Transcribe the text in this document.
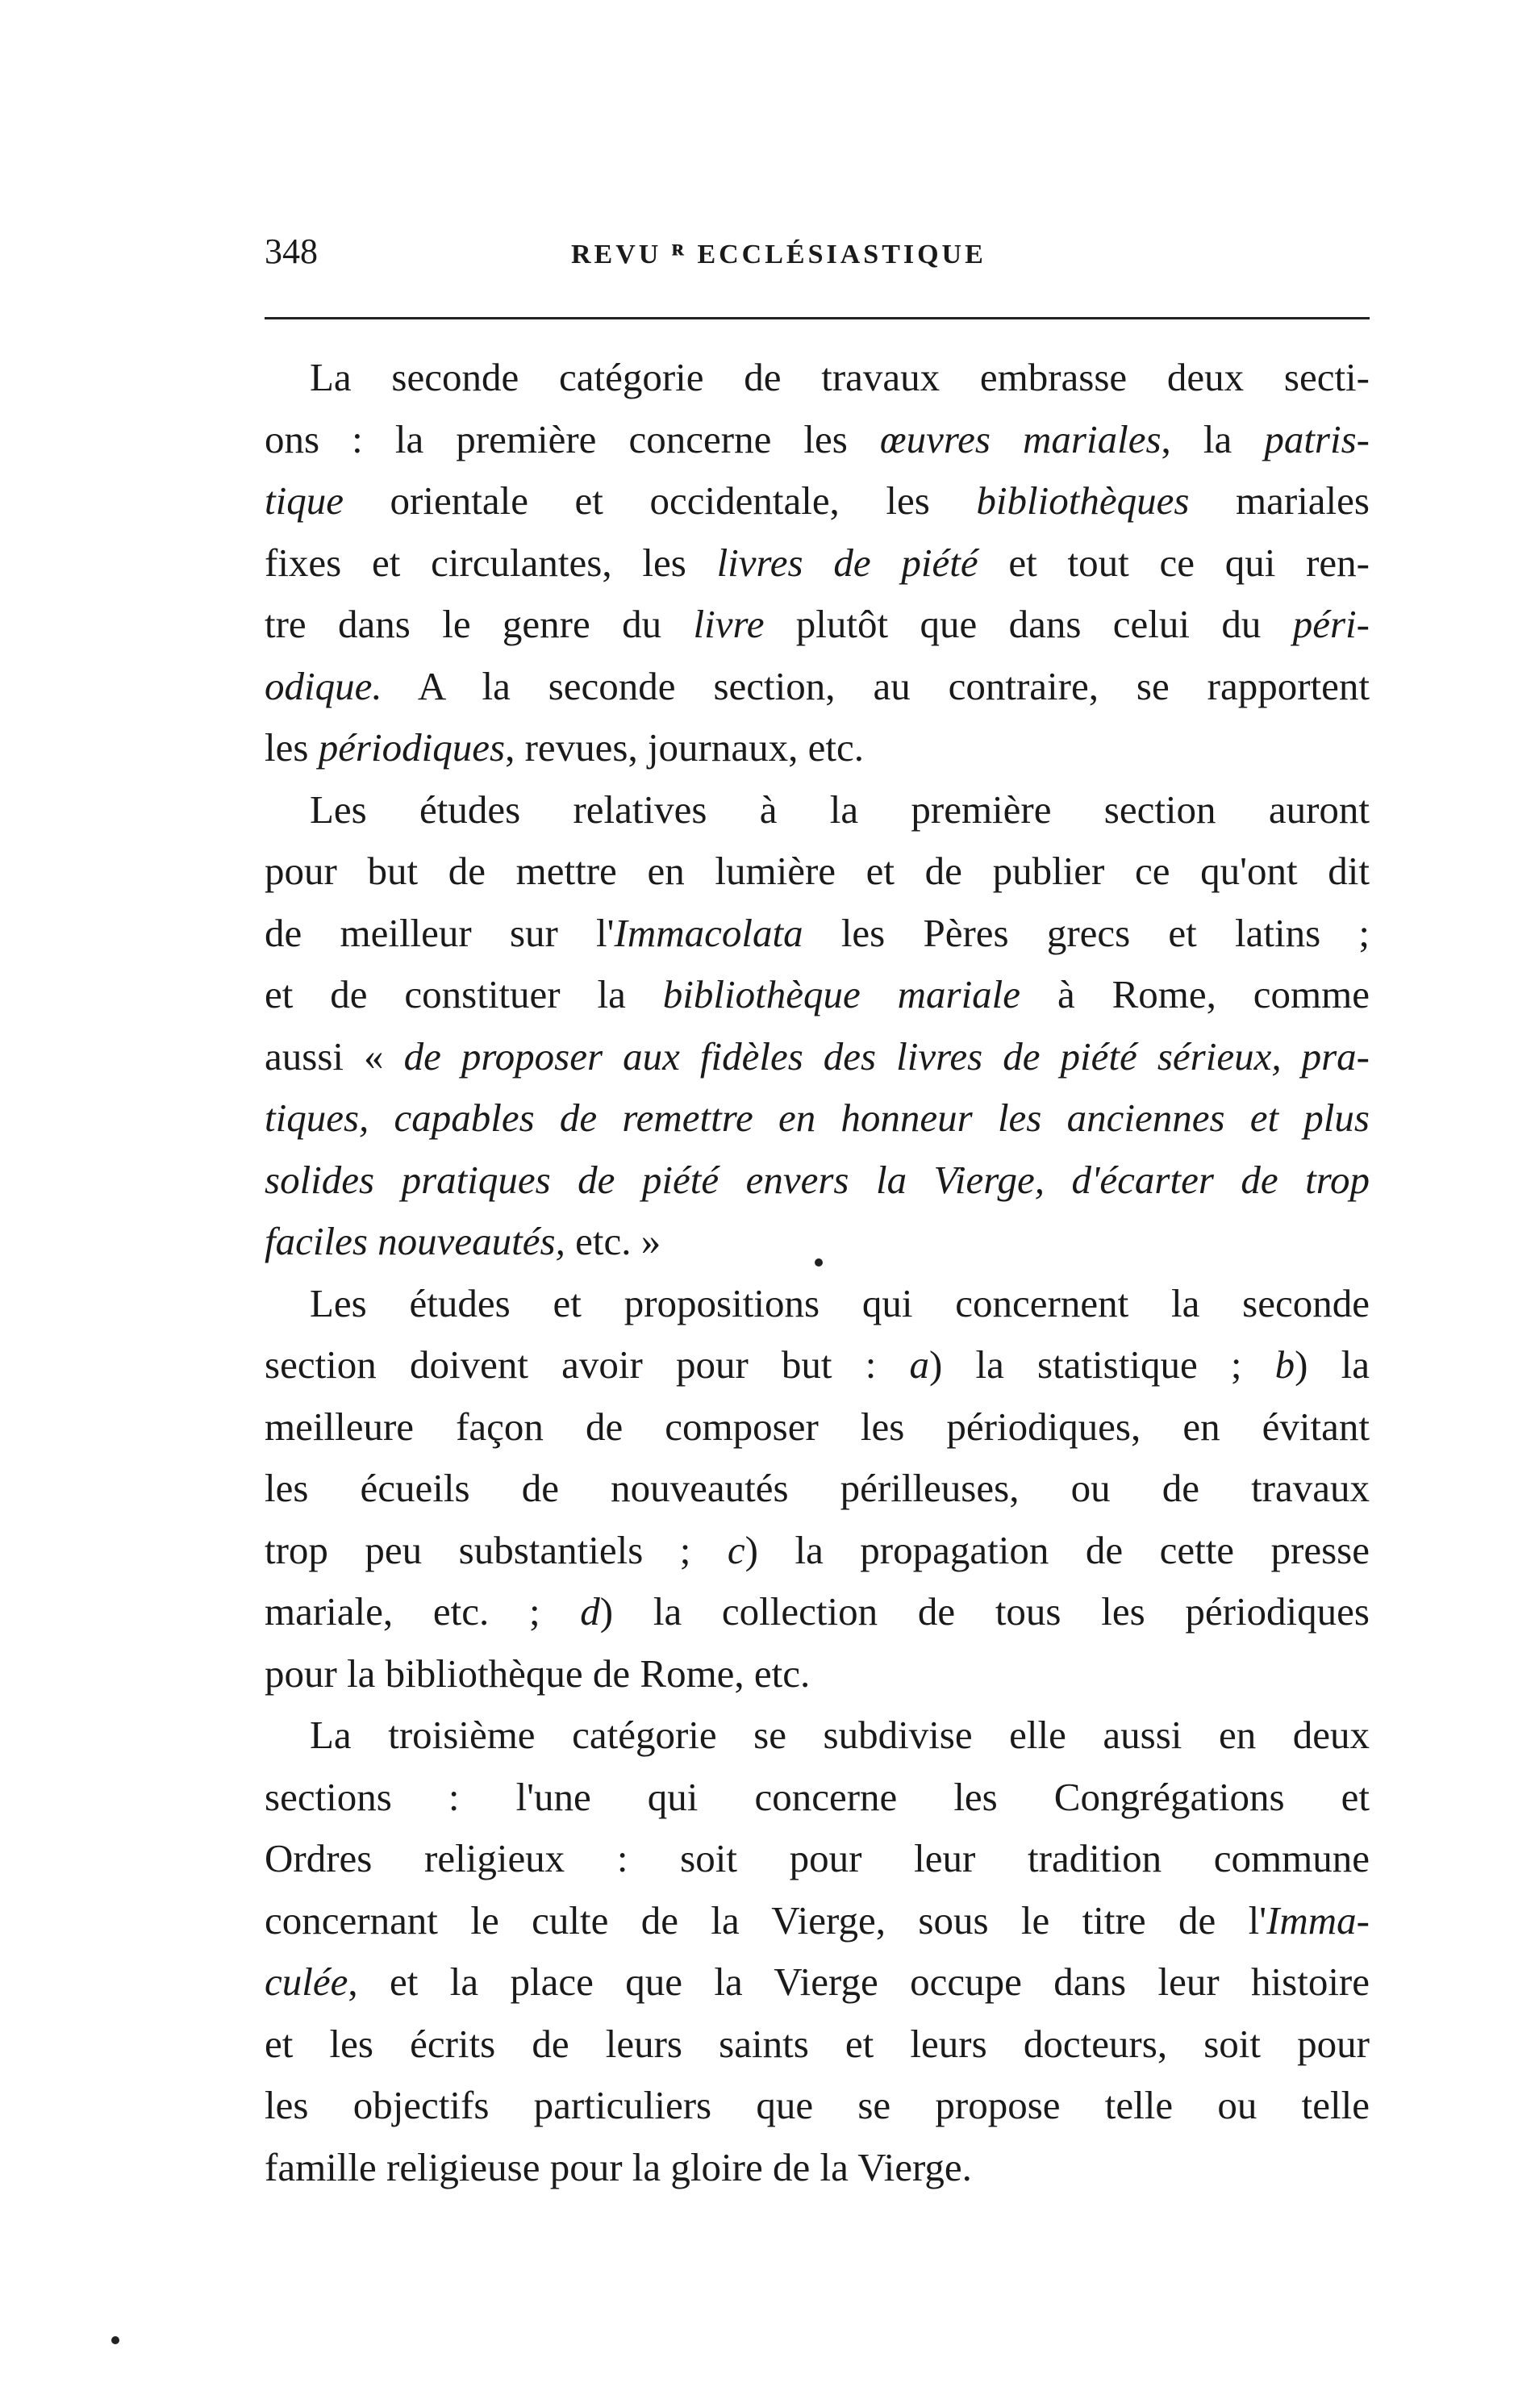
348	REVU ᴿ ECCLÉSIASTIQUE
La seconde catégorie de travaux embrasse deux secti-
ons : la première concerne les œuvres mariales, la patris-
tique orientale et occidentale, les bibliothèques mariales
fixes et circulantes, les livres de piété et tout ce qui ren-
tre dans le genre du livre plutôt que dans celui du péri-
odique. A la seconde section, au contraire, se rapportent
les périodiques, revues, journaux, etc.
Les études relatives à la première section auront
pour but de mettre en lumière et de publier ce qu'ont dit
de meilleur sur l'Immacolata les Pères grecs et latins ;
et de constituer la bibliothèque mariale à Rome, comme
aussi « de proposer aux fidèles des livres de piété sérieux, pra-
tiques, capables de remettre en honneur les anciennes et plus
solides pratiques de piété envers la Vierge, d'écarter de trop
faciles nouveautés, etc. »
Les études et propositions qui concernent la seconde
section doivent avoir pour but : a) la statistique ; b) la
meilleure façon de composer les périodiques, en évitant
les écueils de nouveautés périlleuses, ou de travaux
trop peu substantiels ; c) la propagation de cette presse
mariale, etc. ; d) la collection de tous les périodiques
pour la bibliothèque de Rome, etc.
La troisième catégorie se subdivise elle aussi en deux
sections : l'une qui concerne les Congrégations et
Ordres religieux : soit pour leur tradition commune
concernant le culte de la Vierge, sous le titre de l'Imma-
culée, et la place que la Vierge occupe dans leur histoire
et les écrits de leurs saints et leurs docteurs, soit pour
les objectifs particuliers que se propose telle ou telle
famille religieuse pour la gloire de la Vierge.
